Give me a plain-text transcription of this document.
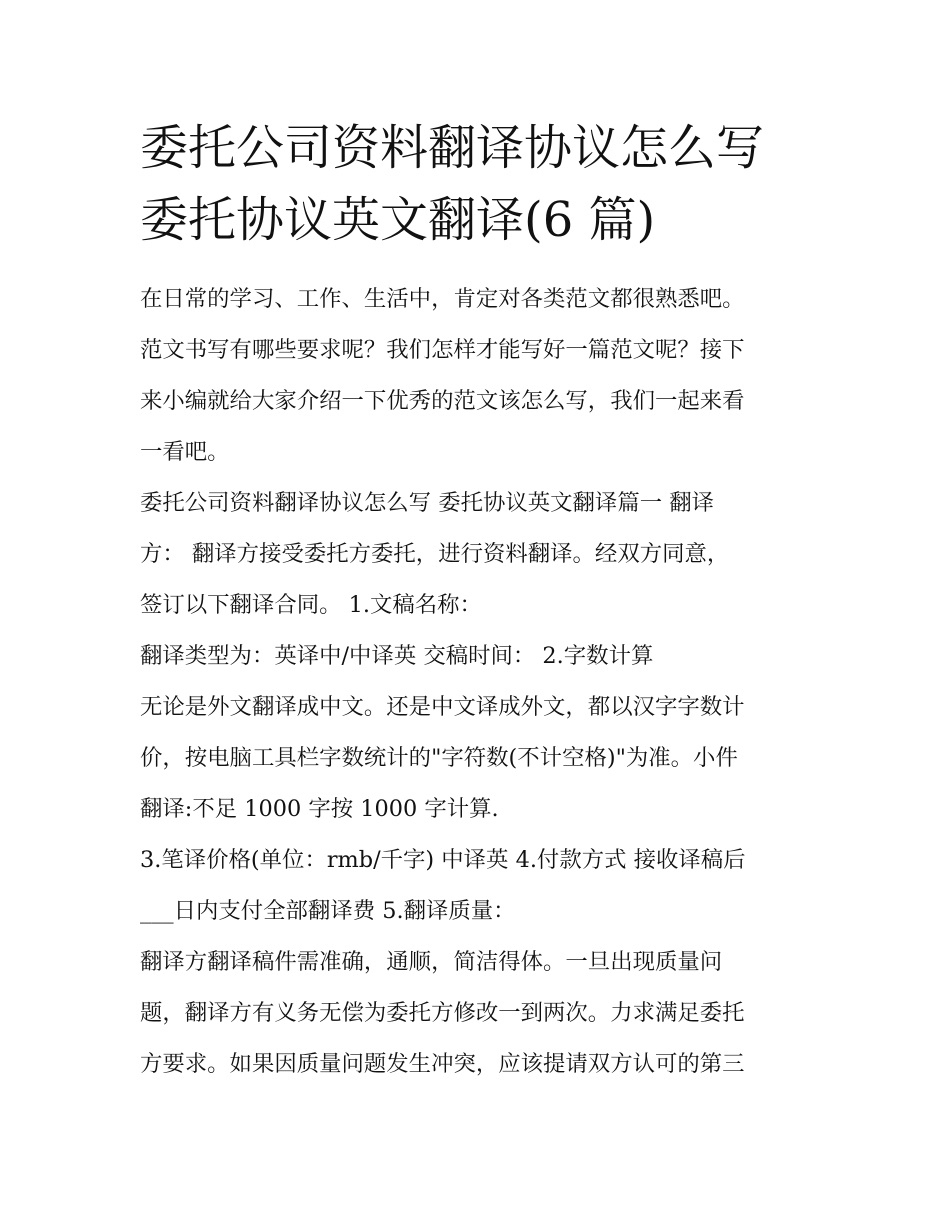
委托公司资料翻译协议怎么写
委托协议英文翻译(6 篇)

在日常的学习、工作、生活中，肯定对各类范文都很熟悉吧。
范文书写有哪些要求呢？我们怎样才能写好一篇范文呢？接下
来小编就给大家介绍一下优秀的范文该怎么写，我们一起来看
一看吧。

委托公司资料翻译协议怎么写 委托协议英文翻译篇一 翻译
方： 翻译方接受委托方委托，进行资料翻译。经双方同意，
签订以下翻译合同。 1.文稿名称：

翻译类型为：英译中/中译英 交稿时间： 2.字数计算

无论是外文翻译成中文。还是中文译成外文，都以汉字字数计
价，按电脑工具栏字数统计的"字符数(不计空格)"为准。小件
翻译:不足 1000 字按 1000 字计算.

3.笔译价格(单位：rmb/千字) 中译英 4.付款方式 接收译稿后
___日内支付全部翻译费 5.翻译质量：

翻译方翻译稿件需准确，通顺，简洁得体。一旦出现质量问
题，翻译方有义务无偿为委托方修改一到两次。力求满足委托
方要求。如果因质量问题发生冲突，应该提请双方认可的第三
